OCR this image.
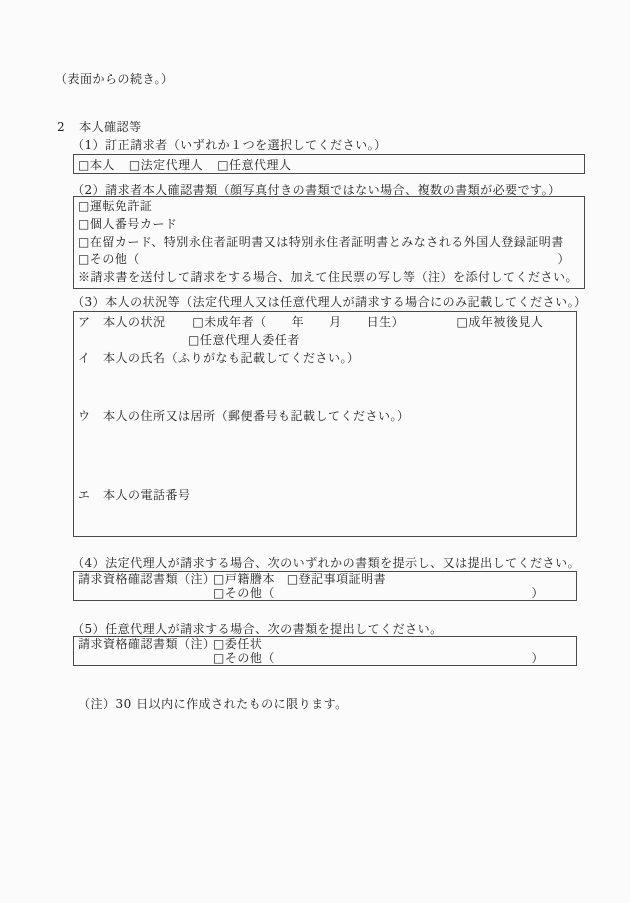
（表面からの続き。）
2 本人確認等
（1）訂正請求者（いずれか１つを選択してください。）
□本人 □法定代理人 □任意代理人
（2）請求者本人確認書類（顔写真付きの書類ではない場合、複数の書類が必要です。）
□運転免許証
□個人番号カード
□在留カード、特別永住者証明書又は特別永住者証明書とみなされる外国人登録証明書
□その他（	）
※請求書を送付して請求をする場合、加えて住民票の写し等（注）を添付してください。
（3）本人の状況等（法定代理人又は任意代理人が請求する場合にのみ記載してください。）
ア　本人の状況 □未成年者（　　年　　月　　日生）	□成年被後見人
□任意代理人委任者
イ　本人の氏名（ふりがなも記載してください。）
ウ　本人の住所又は居所（郵便番号も記載してください。）
エ　本人の電話番号
（4）法定代理人が請求する場合、次のいずれかの書類を提示し、又は提出してください。
請求資格確認書類（注）
□戸籍謄本 □登記事項証明書
□その他（	）
（5）任意代理人が請求する場合、次の書類を提出してください。
請求資格確認書類（注）
□委任状
□その他（	）
（注）30 日以内に作成されたものに限ります。
